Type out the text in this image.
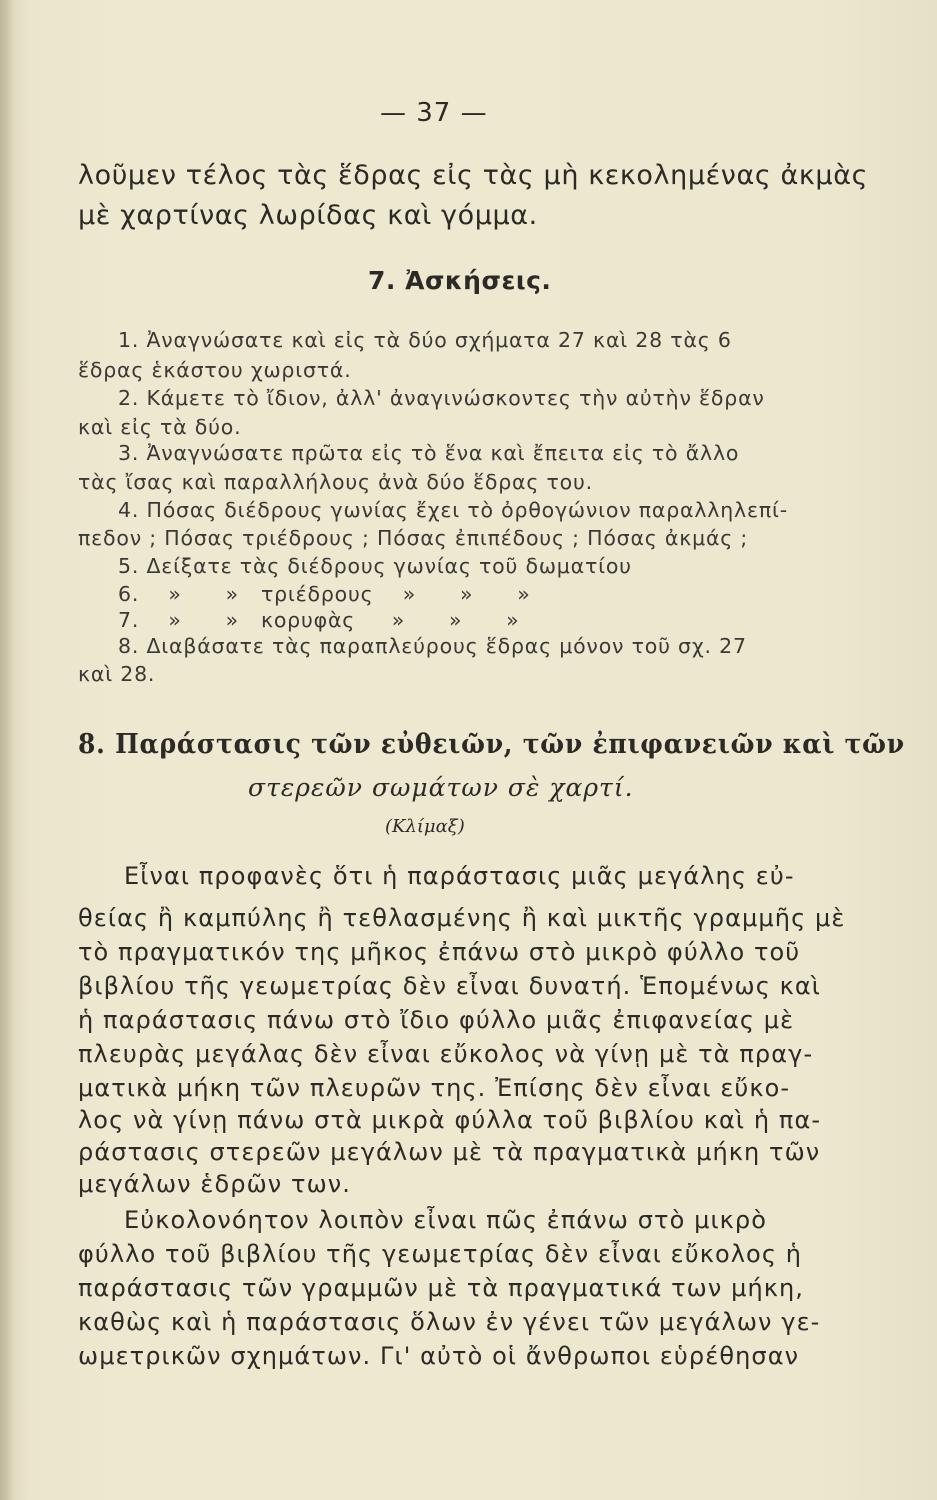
— 37 —
λοῦμεν τέλος τὰς ἕδρας εἰς τὰς μὴ κεκολημένας ἀκμὰς
μὲ χαρτίνας λωρίδας καὶ γόμμα.
7. Ἀσκήσεις.
1. Ἀναγνώσατε καὶ εἰς τὰ δύο σχήματα 27 καὶ 28 τὰς 6
ἕδρας ἑκάστου χωριστά.
2. Κάμετε τὸ ἴδιον, ἀλλ' ἀναγινώσκοντες τὴν αὐτὴν ἕδραν
καὶ εἰς τὰ δύο.
3. Ἀναγνώσατε πρῶτα εἰς τὸ ἕνα καὶ ἔπειτα εἰς τὸ ἄλλο
τὰς ἴσας καὶ παραλλήλους ἀνὰ δύο ἕδρας του.
4. Πόσας διέδρους γωνίας ἔχει τὸ ὀρθογώνιον παραλληλεπί-
πεδον ; Πόσας τριέδρους ; Πόσας ἐπιπέδους ; Πόσας ἀκμάς ;
5. Δείξατε τὰς διέδρους γωνίας τοῦ δωματίου
6.    »      »   τριέδρους    »      »      »
7.    »      »   κορυφὰς     »      »      »
8. Διαβάσατε τὰς παραπλεύρους ἕδρας μόνον τοῦ σχ. 27
καὶ 28.
8. Παράστασις τῶν εὐθειῶν, τῶν ἐπιφανειῶν καὶ τῶν
στερεῶν σωμάτων σὲ χαρτί.
(Κλίμαξ)
Εἶναι προφανὲς ὅτι ἡ παράστασις μιᾶς μεγάλης εὐ-
θείας ἢ καμπύλης ἢ τεθλασμένης ἢ καὶ μικτῆς γραμμῆς μὲ
τὸ πραγματικόν της μῆκος ἐπάνω στὸ μικρὸ φύλλο τοῦ
βιβλίου τῆς γεωμετρίας δὲν εἶναι δυνατή. Ἑπομένως καὶ
ἡ παράστασις πάνω στὸ ἴδιο φύλλο μιᾶς ἐπιφανείας μὲ
πλευρὰς μεγάλας δὲν εἶναι εὔκολος νὰ γίνῃ μὲ τὰ πραγ-
ματικὰ μήκη τῶν πλευρῶν της. Ἐπίσης δὲν εἶναι εὔκο-
λος νὰ γίνῃ πάνω στὰ μικρὰ φύλλα τοῦ βιβλίου καὶ ἡ πα-
ράστασις στερεῶν μεγάλων μὲ τὰ πραγματικὰ μήκη τῶν
μεγάλων ἑδρῶν των.
Εὐκολονόητον λοιπὸν εἶναι πῶς ἐπάνω στὸ μικρὸ
φύλλο τοῦ βιβλίου τῆς γεωμετρίας δὲν εἶναι εὔκολος ἡ
παράστασις τῶν γραμμῶν μὲ τὰ πραγματικά των μήκη,
καθὼς καὶ ἡ παράστασις ὅλων ἐν γένει τῶν μεγάλων γε-
ωμετρικῶν σχημάτων. Γι' αὐτὸ οἱ ἄνθρωποι εὑρέθησαν
